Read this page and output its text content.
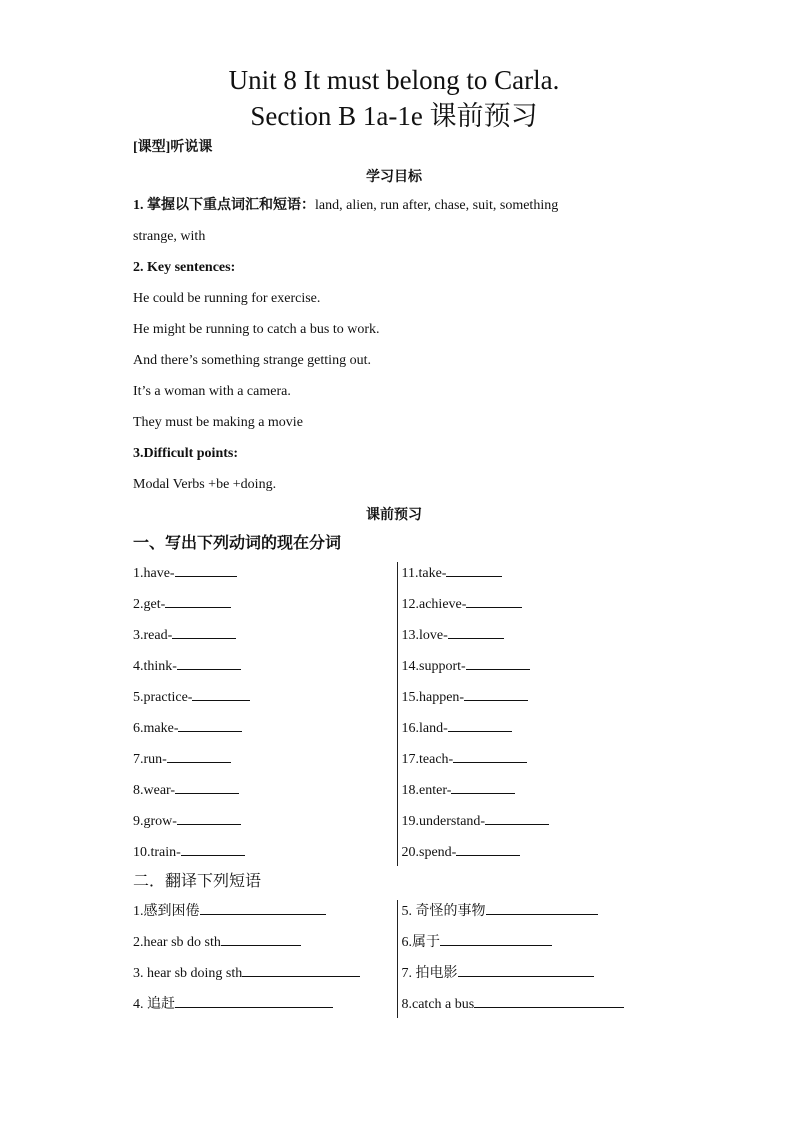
Unit 8 It must belong to Carla.
Section B 1a-1e 课前预习
[课型]听说课
学习目标

1. 掌握以下重点词汇和短语：land, alien, run after, chase, suit, something

strange, with

2. Key sentences:

He could be running for exercise.

He might be running to catch a bus to work.

And there’s something strange getting out.

It’s a woman with a camera.

They must be making a movie

3.Difficult points:

Modal Verbs +be +doing.

课前预习
一、写出下列动词的现在分词
1.have-
2.get-
3.read-
4.think-
5.practice-
6.make-
7.run-
8.wear-
9.grow-
10.train-
11.take-
12.achieve-
13.love-
14.support-
15.happen-
16.land-
17.teach-
18.enter-
19.understand-
20.spend-
二．翻译下列短语
1.感到困倦
2.hear sb do sth
3. hear sb doing sth
4. 追赶
5. 奇怪的事物
6.属于
7. 拍电影
8.catch a bus
